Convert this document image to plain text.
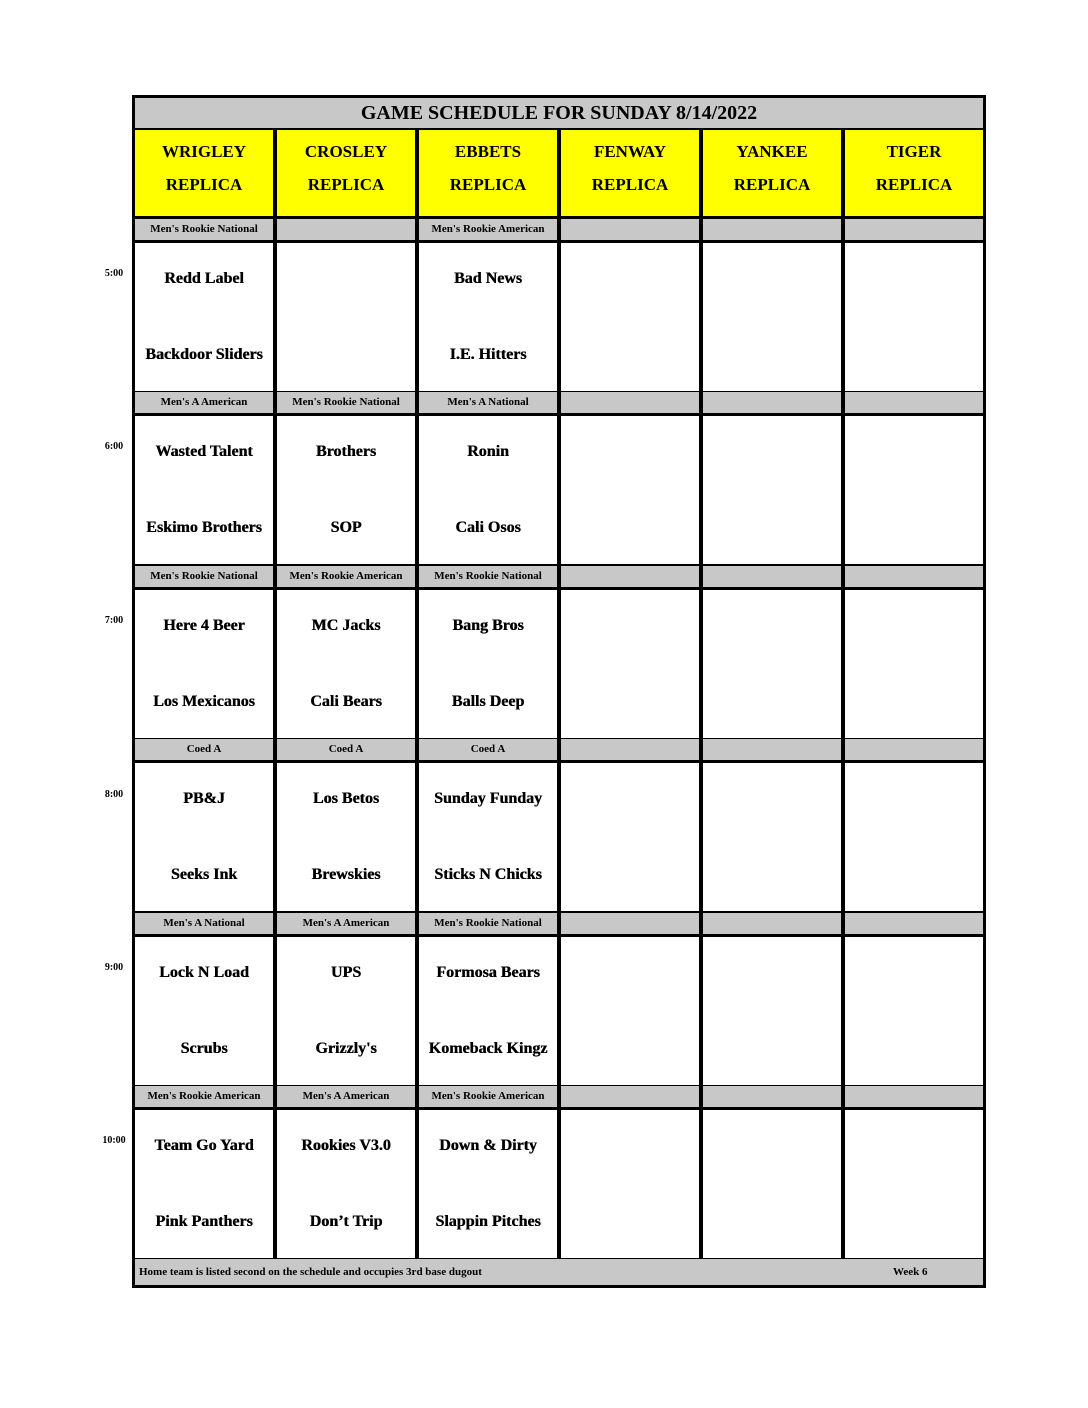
GAME SCHEDULE FOR SUNDAY 8/14/2022
WRIGLEY
REPLICA
CROSLEY
REPLICA
EBBETS
REPLICA
FENWAY
REPLICA
YANKEE
REPLICA
TIGER
REPLICA
Men's Rookie National
Redd Label
Backdoor Sliders
Men's Rookie American
Bad News
I.E. Hitters
Men's A American
Wasted Talent
Eskimo Brothers
Men's Rookie National
Brothers
SOP
Men's A National
Ronin
Cali Osos
Men's Rookie National
Here 4 Beer
Los Mexicanos
Men's Rookie American
MC Jacks
Cali Bears
Men's Rookie National
Bang Bros
Balls Deep
Coed A
PB&J
Seeks Ink
Coed A
Los Betos
Brewskies
Coed A
Sunday Funday
Sticks N Chicks
Men's A National
Lock N Load
Scrubs
Men's A American
UPS
Grizzly's
Men's Rookie National
Formosa Bears
Komeback Kingz
Men's Rookie American
Team Go Yard
Pink Panthers
Men's A American
Rookies V3.0
Don’t Trip
Men's Rookie American
Down & Dirty
Slappin Pitches
Home team is listed second on the schedule and occupies 3rd base dugout	Week 6
5:00
6:00
7:00
8:00
9:00
10:00
